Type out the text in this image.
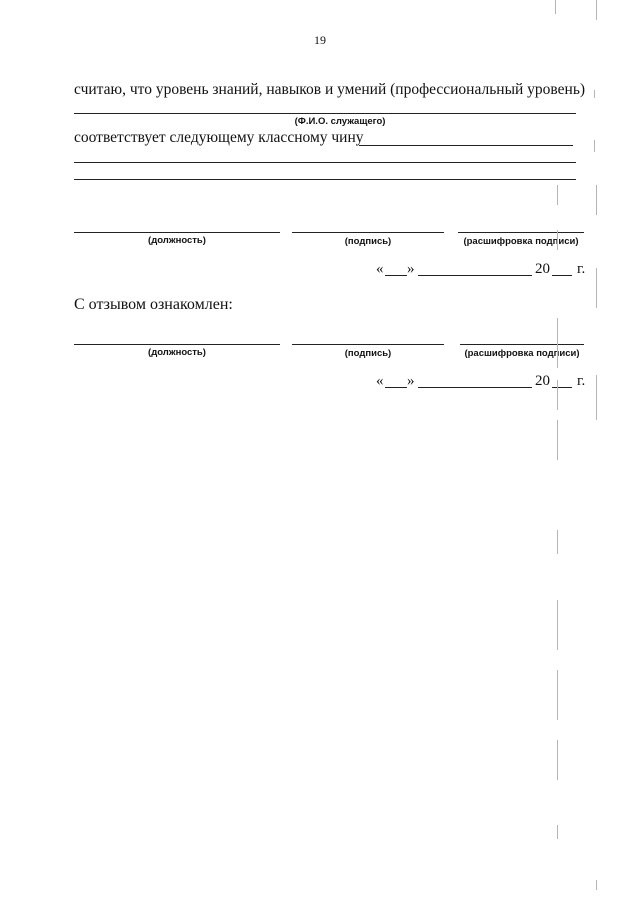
19
считаю, что уровень знаний, навыков и умений (профессиональный уровень)
(Ф.И.О. служащего)
соответствует следующему классному чину
(должность)	(подпись)	(расшифровка подписи)
« »	20 г.
С отзывом ознакомлен:
(должность)	(подпись)	(расшифровка подписи)
« »	20 г.
